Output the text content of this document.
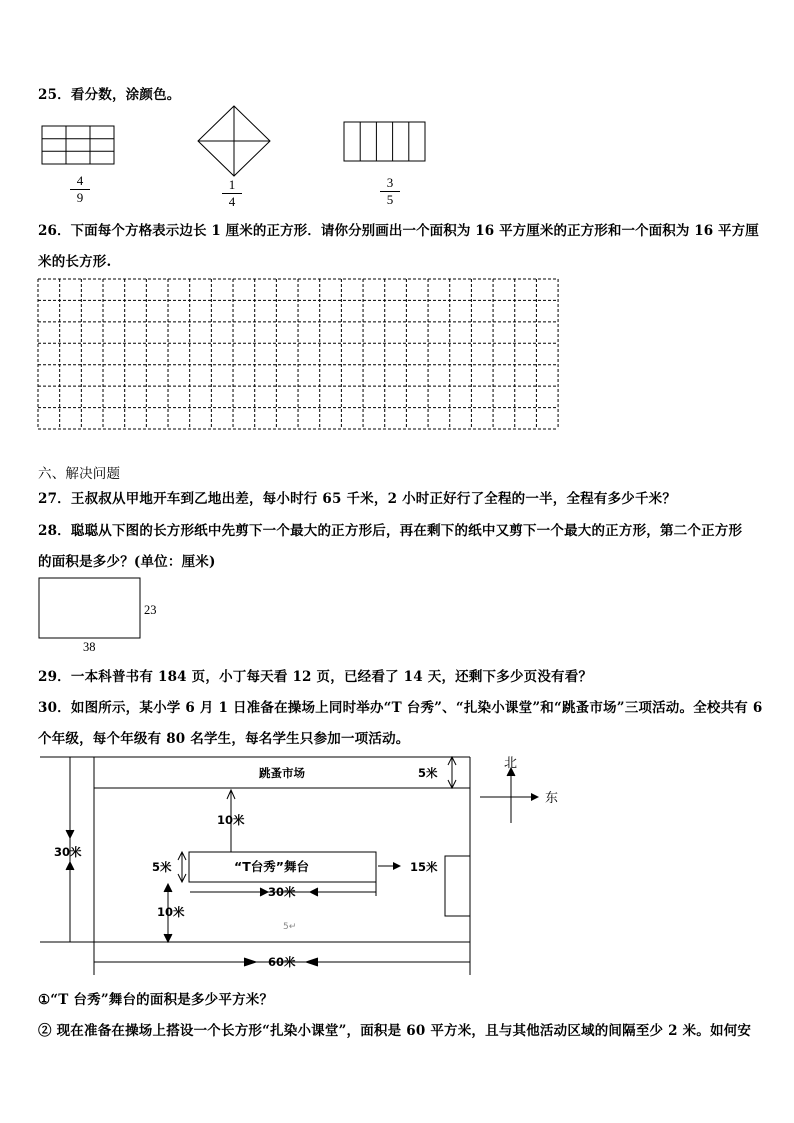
25．看分数，涂颜色。
23
38
跳蚤市场	5米
北
东
10米
30米
5米	“T台秀”舞台	15米
30米
10米
5↵
60米
4
9
1
4
3
5
26．下面每个方格表示边长 1 厘米的正方形．请你分别画出一个面积为 16 平方厘米的正方形和一个面积为 16 平方厘
米的长方形.
六、解决问题
27．王叔叔从甲地开车到乙地出差，每小时行 65 千米，2 小时正好行了全程的一半，全程有多少千米？
28．聪聪从下图的长方形纸中先剪下一个最大的正方形后，再在剩下的纸中又剪下一个最大的正方形，第二个正方形
的面积是多少？(单位：厘米)
29．一本科普书有 184 页，小丁每天看 12 页，已经看了 14 天，还剩下多少页没有看？
30．如图所示，某小学 6 月 1 日准备在操场上同时举办“T 台秀”、“扎染小课堂”和“跳蚤市场”三项活动。全校共有 6
个年级，每个年级有 80 名学生，每名学生只参加一项活动。
①“T 台秀”舞台的面积是多少平方米？
② 现在准备在操场上搭设一个长方形“扎染小课堂”，面积是 60 平方米，且与其他活动区域的间隔至少 2 米。如何安
